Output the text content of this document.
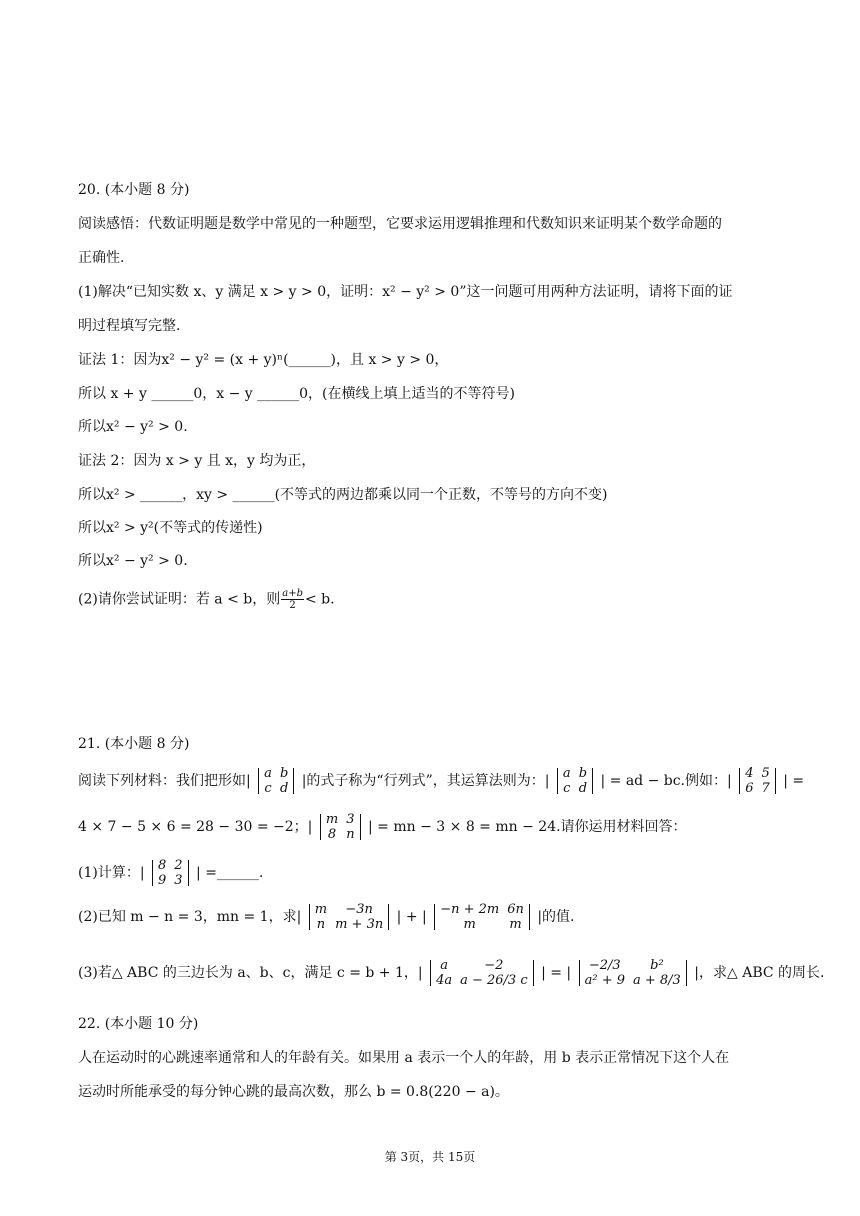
20. (本小题 8 分)
阅读感悟：代数证明题是数学中常见的一种题型，它要求运用逻辑推理和代数知识来证明某个数学命题的
正确性.
(1)解决“已知实数 x、y 满足 x > y > 0，证明：x² − y² > 0”这一问题可用两种方法证明，请将下面的证
明过程填写完整.
证法 1：因为x² − y² = (x + y)ⁿ(______)，且 x > y > 0，
所以 x + y ______0，x − y ______0，(在横线上填上适当的不等符号)
所以x² − y² > 0.
证法 2：因为 x > y 且 x，y 均为正，
所以x² > ______，xy > ______(不等式的两边都乘以同一个正数，不等号的方向不变)
所以x² > y²(不等式的传递性)
所以x² − y² > 0.
(2)请你尝试证明：若 a < b，则 $\frac{a+b}{2} < b$.
21. (本小题 8 分)
阅读下列材料：我们把形如| a	b
c	d |的式子称为“行列式”，其运算法则为：| a	b
c	d | = ad − bc.例如：| 4	5
6	7 | =
4 × 7 − 5 × 6 = 28 − 30 = −2；| m	3
8	n | = mn − 3 × 8 = mn − 24.请你运用材料回答：
(1)计算：| 8	2
9	3 | =______.
(2)已知 m − n = 3，mn = 1，求| m	−3n
n	m + 3n | + | −n + 2m	6n
m	m |的值.
(3)若△ ABC 的三边长为 a、b、c，满足 c = b + 1，| a	−2
4a	a − 26/3 c | = | −2/3	b²
a² + 9	a + 8/3 |，求△ ABC 的周长.
22. (本小题 10 分)
人在运动时的心跳速率通常和人的年龄有关。如果用 a 表示一个人的年龄，用 b 表示正常情况下这个人在
运动时所能承受的每分钟心跳的最高次数，那么 b = 0.8(220 − a)。
第 3页，共 15页
